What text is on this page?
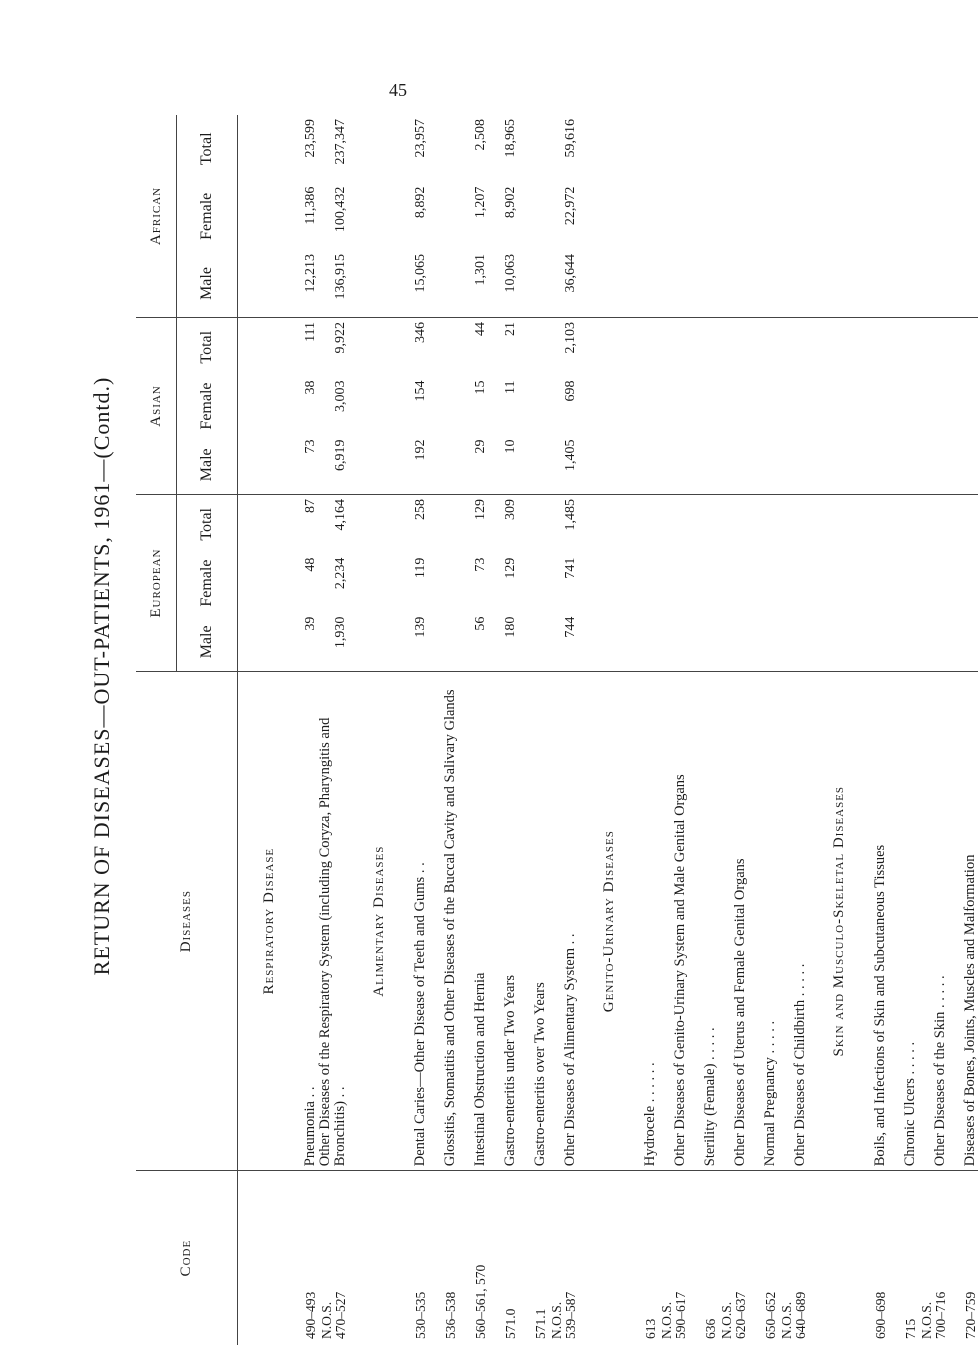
45
RETURN OF DISEASES—OUT-PATIENTS, 1961—(Contd.)
Code	Diseases	European			Asian			African		
		Male	Female	Total	Male	Female	Total	Male	Female	Total

	Respiratory Disease									
490–493	Pneumonia . .	39	48	87	73	38	111	12,213	11,386	23,599
N.O.S.
470–527	Other Diseases of the Respiratory System (including Coryza, Pharyngitis and Bronchitis) . .	1,930	2,234	4,164	6,919	3,003	9,922	136,915	100,432	237,347

	Alimentary Diseases									
530–535	Dental Caries—Other Disease of Teeth and Gums . .	139	119	258	192	154	346	15,065	8,892	23,957
536–538	Glossitis, Stomatitis and Other Diseases of the Buccal Cavity and Salivary Glands									
560–561, 570	Intestinal Obstruction and Hernia	56	73	129	29	15	44	1,301	1,207	2,508
571.0	Gastro-enteritis under Two Years	180	129	309	10	11	21	10,063	8,902	18,965
571.1	Gastro-enteritis over Two Years									
N.O.S.
539–587	Other Diseases of Alimentary System . .	744	741	1,485	1,405	698	2,103	36,644	22,972	59,616

	Genito-Urinary Diseases									
613	Hydrocele . . . . . .									
N.O.S.
590–617	Other Diseases of Genito-Urinary System and Male Genital Organs									
636	Sterility (Female) . . . . .									
N.O.S.
620–637	Other Diseases of Uterus and Female Genital Organs									
650–652	Normal Pregnancy . . . . .									
N.O.S.
640–689	Other Diseases of Childbirth . . . . .									

	Skin and Musculo-Skeletal Diseases									
690–698	Boils, and Infections of Skin and Subcutaneous Tissues									
715	Chronic Ulcers . . . . .									
N.O.S.
700–716	Other Diseases of the Skin . . . . .									
720–759	Diseases of Bones, Joints, Muscles and Malformation									
